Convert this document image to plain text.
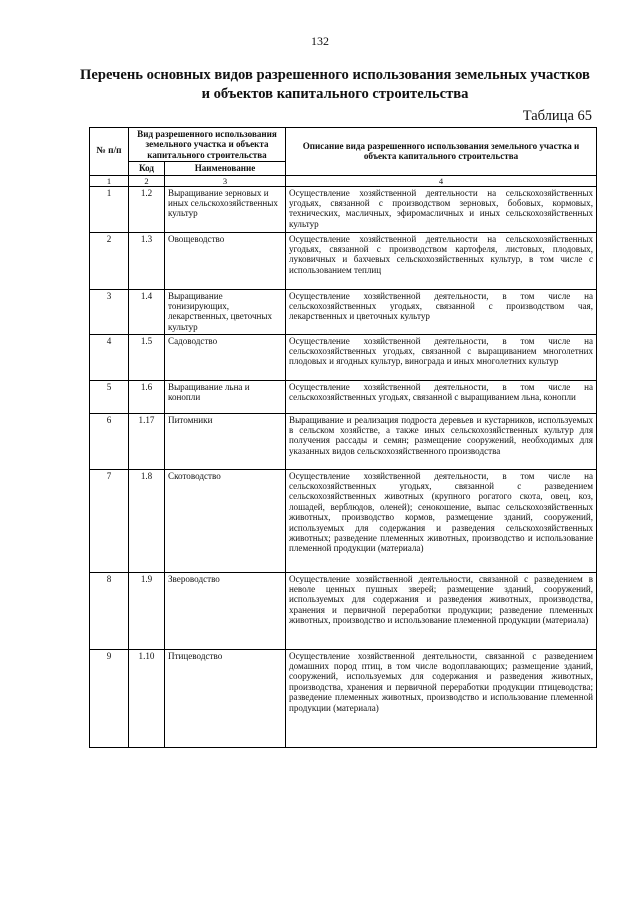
132
Перечень основных видов разрешенного использования земельных участков и объектов капитального строительства
Таблица 65
№ п/п	Вид разрешенного использования земельного участка и объекта капитального строительства		Описание вида разрешенного использования земельного участка и объекта капитального строительства
	Код	Наименование	
1	2	3	4
1	1.2	Выращивание зерновых и иных сельскохозяйственных культур	Осуществление хозяйственной деятельности на сельскохозяйственных угодьях, связанной с производством зерновых, бобовых, кормовых, технических, масличных, эфиромасличных и иных сельскохозяйственных культур
2	1.3	Овощеводство	Осуществление хозяйственной деятельности на сельскохозяйственных угодьях, связанной с производством картофеля, листовых, плодовых, луковичных и бахчевых сельскохозяйственных культур, в том числе с использованием теплиц
3	1.4	Выращивание тонизирующих, лекарственных, цветочных культур	Осуществление хозяйственной деятельности, в том числе на сельскохозяйственных угодьях, связанной с производством чая, лекарственных и цветочных культур
4	1.5	Садоводство	Осуществление хозяйственной деятельности, в том числе на сельскохозяйственных угодьях, связанной с выращиванием многолетних плодовых и ягодных культур, винограда и иных многолетних культур
5	1.6	Выращивание льна и конопли	Осуществление хозяйственной деятельности, в том числе на сельскохозяйственных угодьях, связанной с выращиванием льна, конопли
6	1.17	Питомники	Выращивание и реализация подроста деревьев и кустарников, используемых в сельском хозяйстве, а также иных сельскохозяйственных культур для получения рассады и семян; размещение сооружений, необходимых для указанных видов сельскохозяйственного производства
7	1.8	Скотоводство	Осуществление хозяйственной деятельности, в том числе на сельскохозяйственных угодьях, связанной с разведением сельскохозяйственных животных (крупного рогатого скота, овец, коз, лошадей, верблюдов, оленей); сенокошение, выпас сельскохозяйственных животных, производство кормов, размещение зданий, сооружений, используемых для содержания и разведения сельскохозяйственных животных; разведение племенных животных, производство и использование племенной продукции (материала)
8	1.9	Звероводство	Осуществление хозяйственной деятельности, связанной с разведением в неволе ценных пушных зверей; размещение зданий, сооружений, используемых для содержания и разведения животных, производства, хранения и первичной переработки продукции; разведение племенных животных, производство и использование племенной продукции (материала)
9	1.10	Птицеводство	Осуществление хозяйственной деятельности, связанной с разведением домашних пород птиц, в том числе водоплавающих; размещение зданий, сооружений, используемых для содержания и разведения животных, производства, хранения и первичной переработки продукции птицеводства; разведение племенных животных, производство и использование племенной продукции (материала)
